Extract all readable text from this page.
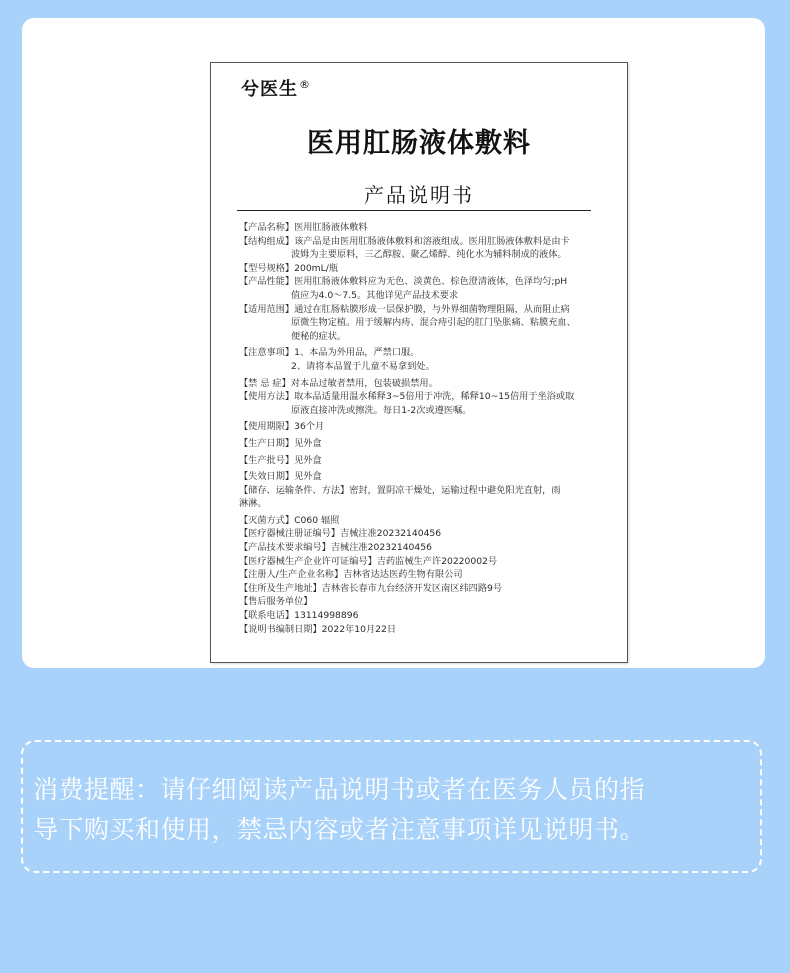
兮医生®
医用肛肠液体敷料
产品说明书
【产品名称】医用肛肠液体敷料
【结构组成】该产品是由医用肛肠液体敷料和溶液组成。医用肛肠液体敷料是由卡
波姆为主要原料，三乙醇胺、聚乙烯醇、纯化水为辅料制成的液体。
【型号规格】200mL/瓶
【产品性能】医用肛肠液体敷料应为无色、淡黄色、棕色澄清液体，色泽均匀;pH
值应为4.0～7.5。其他详见产品技术要求
【适用范围】通过在肛肠粘膜形成一层保护膜，与外界细菌物理阻隔，从而阻止病
原微生物定植。用于缓解内痔、混合痔引起的肛门坠胀痛、粘膜充血、
便秘的症状。
【注意事项】1、本品为外用品，严禁口服。
2、请将本品置于儿童不易拿到处。
【禁 忌 症】对本品过敏者禁用，包装破损禁用。
【使用方法】取本品适量用温水稀释3~5倍用于冲洗，稀释10~15倍用于坐浴或取
原液直接冲洗或擦洗。每日1-2次或遵医嘱。
【使用期限】36个月
【生产日期】见外盒
【生产批号】见外盒
【失效日期】见外盒
【储存、运输条件、方法】密封，置阴凉干燥处，运输过程中避免阳光直射，雨
淋淋。
【灭菌方式】C060 辐照
【医疗器械注册证编号】吉械注准20232140456
【产品技术要求编号】吉械注准20232140456
【医疗器械生产企业许可证编号】吉药监械生产许20220002号
【注册人/生产企业名称】吉林省达达医药生物有限公司
【住所及生产地址】吉林省长春市九台经济开发区南区纬四路9号
【售后服务单位】
【联系电话】13114998896
【说明书编制日期】2022年10月22日
消费提醒：请仔细阅读产品说明书或者在医务人员的指
导下购买和使用，禁忌内容或者注意事项详见说明书。
